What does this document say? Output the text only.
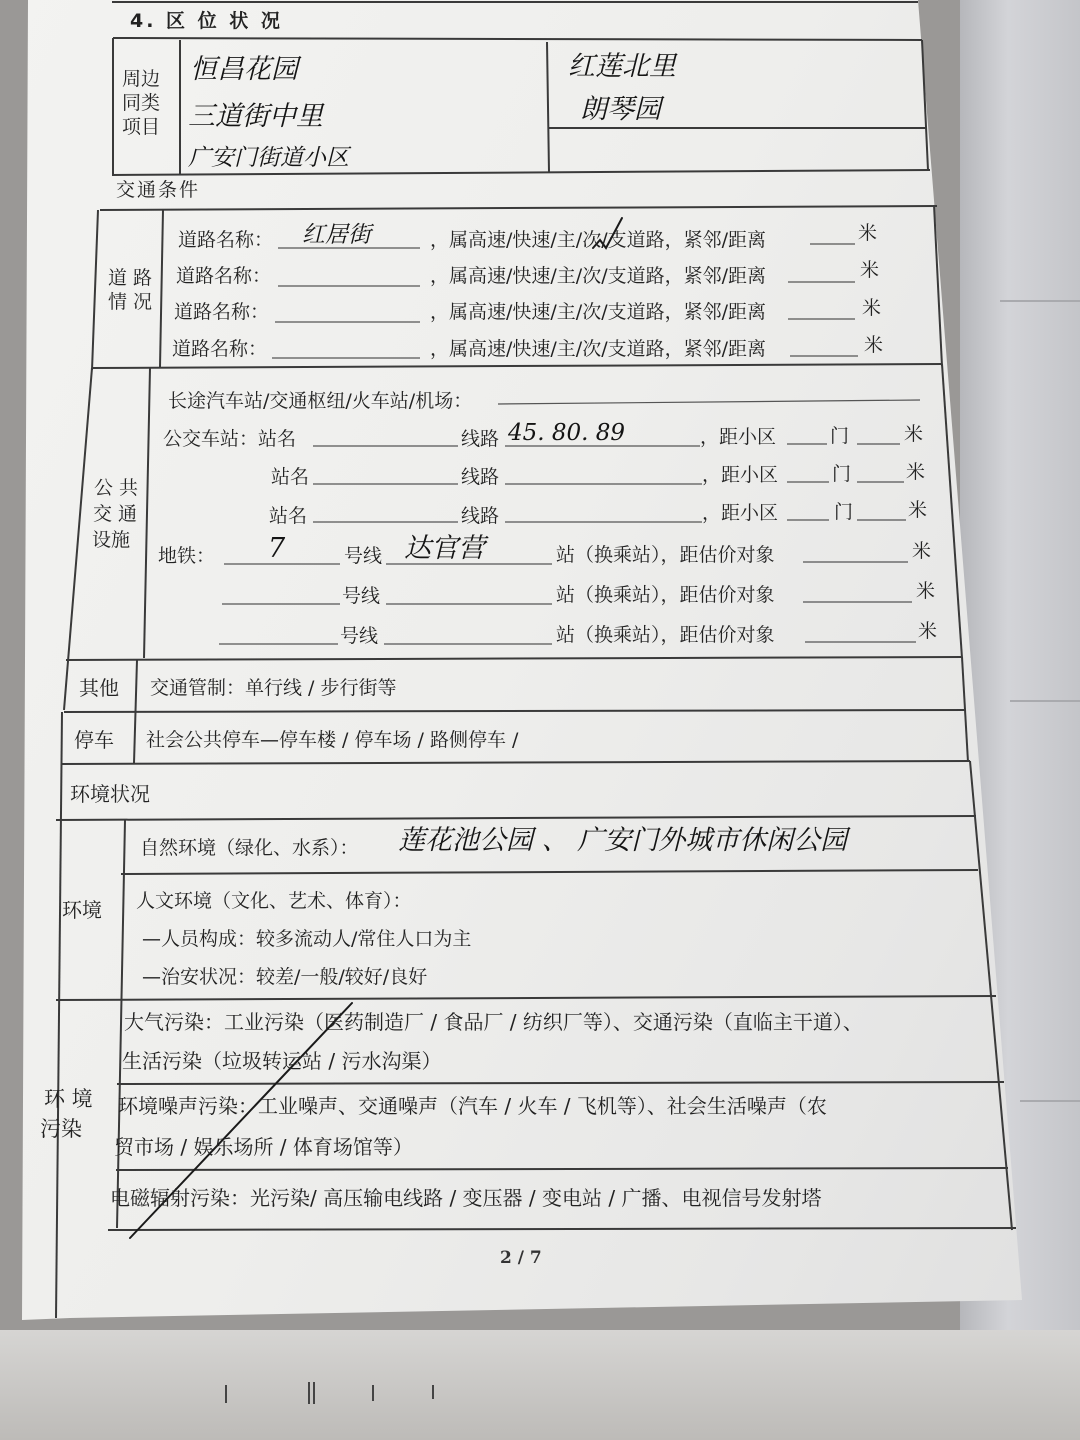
4. 区 位 状 况
周边
同类
项目
恒昌花园
三道街中里
广安门街道小区
红莲北里
朗琴园
交通条件
道 路
情 况
道路名称： 红居街	，属高速/快速/主/次/支道路，紧邻/距离	米
道路名称：	，属高速/快速/主/次/支道路，紧邻/距离	米
道路名称：	，属高速/快速/主/次/支道路，紧邻/距离	米
道路名称：	，属高速/快速/主/次/支道路，紧邻/距离	米
公 共
交 通
设施
长途汽车站/交通枢纽/火车站/机场：
公交车站：站名	线路 45. 80. 89	，距小区	门	米
站名	线路	，距小区	门	米
站名	线路	，距小区	门	米
地铁： 7	号线 达官营	站（换乘站），距估价对象	米
号线	站（换乘站），距估价对象	米
号线	站（换乘站），距估价对象	米
其他 交通管制：单行线 / 步行街等
停车 社会公共停车—停车楼 / 停车场 / 路侧停车 /
环境状况
环境
自然环境（绿化、水系）： 莲花池公园 、 广安门外城市休闲公园
人文环境（文化、艺术、体育）：
—人员构成：较多流动人/常住人口为主
—治安状况：较差/一般/较好/良好
环 境
污染
大气污染：工业污染（医药制造厂 / 食品厂 / 纺织厂等）、交通污染（直临主干道）、
生活污染（垃圾转运站 / 污水沟渠）
环境噪声污染：工业噪声、交通噪声（汽车 / 火车 / 飞机等）、社会生活噪声（农
贸市场 / 娱乐场所 / 体育场馆等）
电磁辐射污染：光污染/ 高压输电线路 / 变压器 / 变电站 / 广播、电视信号发射塔
2 / 7
